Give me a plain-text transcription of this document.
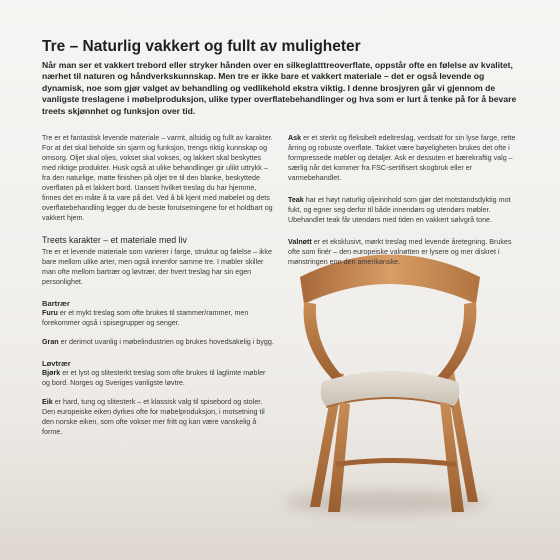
Tre – Naturlig vakkert og fullt av muligheter

Når man ser et vakkert trebord eller stryker hånden over en silkeglatttreoverflate, oppstår ofte en følelse av kvalitet, nærhet til naturen og håndverkskunnskap. Men tre er ikke bare et vakkert materiale – det er også levende og dynamisk, noe som gjør valget av behandling og vedlikehold ekstra viktig. I denne brosjyren går vi gjennom de vanligste treslagene i møbelproduksjon, ulike typer overflatebehandlinger og hva som er lurt å tenke på for å bevare treets skjønnhet og funksjon over tid.

Tre er et fantastisk levende materiale – varmt, allsidig og fullt av karakter. For at det skal beholde sin sjarm og funksjon, trengs riktig kunnskap og omsorg. Oljet skal oljes, vokset skal vokses, og lakkert skal beskyttes med riktige produkter. Husk også at ulike behandlinger gir ulikt uttrykk – fra den naturlige, matte finishen på oljet tre til den blanke, beskyttede overflaten på et lakkert bord. Uansett hvilket treslag du har hjemme, finnes det en måte å ta vare på det. Ved å bli kjent med møbelet og dets overflatebehandling legger du de beste forutsetningene for et holdbart og vakkert hjem.

Treets karakter – et materiale med liv

Tre er et levende materiale som varierer i farge, struktur og følelse – ikke bare mellom ulike arter, men også innenfor samme tre. I møbler skiller man ofte mellom bartrær og løvtrær, der hvert treslag har sin egen personlighet.

Bartrær

Furu er et mykt treslag som ofte brukes til stammer/rammer, men forekommer også i spisegrupper og senger.

Gran er derimot uvanlig i møbelindustrien og brukes hovedsakelig i bygg.

Løvtrær

Bjørk er et lyst og slitesterkt treslag som ofte brukes til laglimte møbler og bord. Norges og Sveriges vanligste løvtre.

Eik er hard, tung og slitesterk – et klassisk valg til spisebord og stoler. Den europeiske eiken dyrkes ofte for møbelproduksjon, i motsetning til den norske eiken, som ofte vokser mer fritt og kan være vanskelig å forme.

Ask er et sterkt og fleksibelt edeltreslag, verdsatt for sin lyse farge, rette årring og robuste overflate. Takket være bøyeligheten brukes det ofte i formpressede møbler og detaljer. Ask er dessuten et bærekraftig valg – særlig når det kommer fra FSC-sertifisert skogbruk eller er varmebehandlet.

Teak har et høyt naturlig oljeinnhold som gjør det motstandsdyktig mot fukt, og egner seg derfor til både innendørs og utendørs møbler. Ubehandlet teak får utendørs med tiden en vakkert sølvgrå tone.

Valnøtt er et eksklusivt, mørkt treslag med levende åretegning. Brukes ofte som finér – den europeiske valnøtten er lysere og mer diskret i mønstringen enn den amerikanske.
